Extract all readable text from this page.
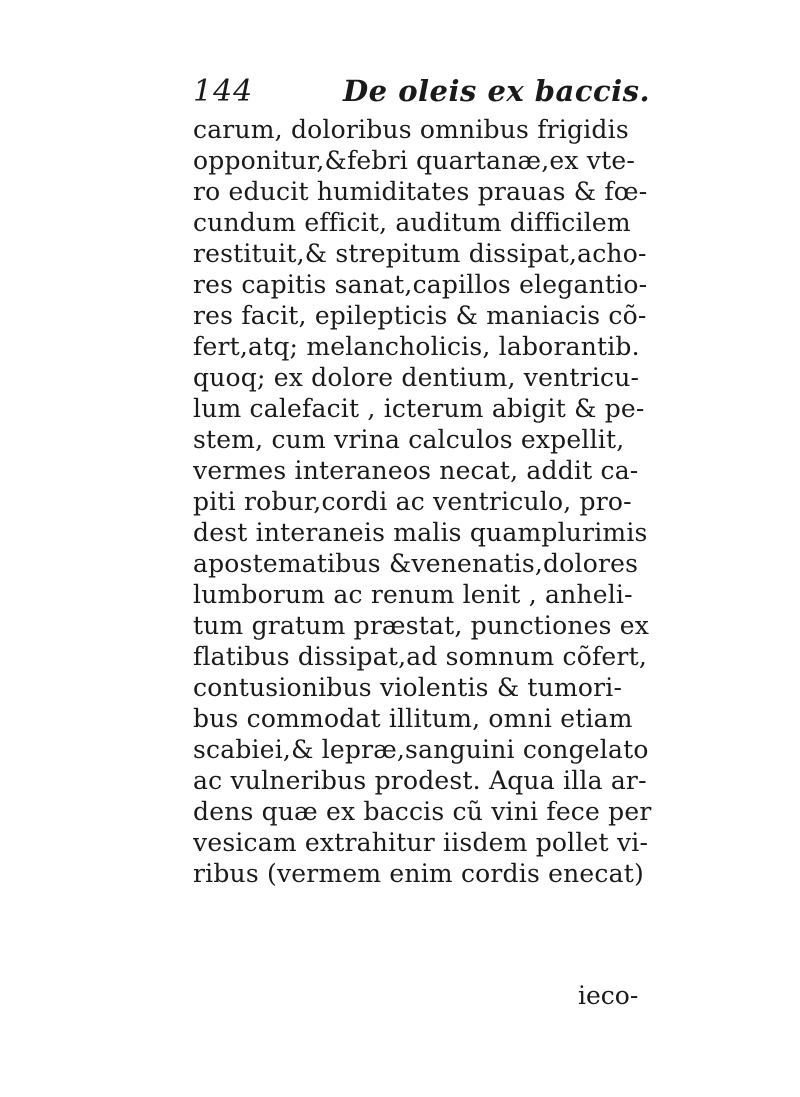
144	De oleis ex baccis.
carum, doloribus omnibus frigidis
opponitur,&febri quartanæ,ex vte-
ro educit humiditates prauas & fœ-
cundum efficit, auditum difficilem
restituit,& strepitum dissipat,acho-
res capitis sanat,capillos elegantio-
res facit, epilepticis & maniacis cõ-
fert,atq; melancholicis, laborantib.
quoq; ex dolore dentium, ventricu-
lum calefacit , icterum abigit & pe-
stem, cum vrina calculos expellit,
vermes interaneos necat, addit ca-
piti robur,cordi ac ventriculo, pro-
dest interaneis malis quamplurimis
apostematibus &venenatis,dolores
lumborum ac renum lenit , anheli-
tum gratum præstat, punctiones ex
flatibus dissipat,ad somnum cõfert,
contusionibus violentis & tumori-
bus commodat illitum, omni etiam
scabiei,& lepræ,sanguini congelato
ac vulneribus prodest. Aqua illa ar-
dens quæ ex baccis cũ vini fece per
vesicam extrahitur iisdem pollet vi-
ribus (vermem enim cordis enecat)
ieco-
